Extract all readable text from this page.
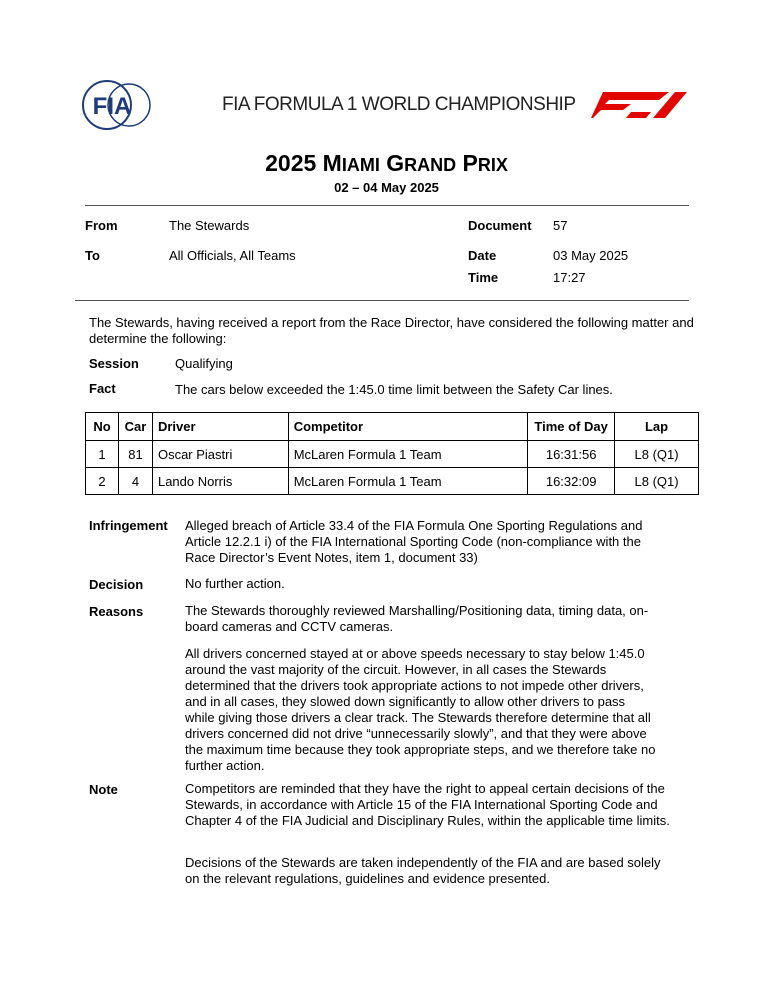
FIA	FIA FORMULA 1 WORLD CHAMPIONSHIP
2025 MIAMI GRAND PRIX
02 – 04 May 2025
From	The Stewards	Document 57
To	All Officials, All Teams	Date	03 May 2025
Time	17:27
The Stewards, having received a report from the Race Director, have considered the following matter and determine the following:
Session	Qualifying
Fact	The cars below exceeded the 1:45.0 time limit between the Safety Car lines.
No	Car	Driver	Competitor	Time of Day	Lap
1	81	Oscar Piastri	McLaren Formula 1 Team	16:31:56	L8 (Q1)
2	4	Lando Norris	McLaren Formula 1 Team	16:32:09	L8 (Q1)
Infringement Alleged breach of Article 33.4 of the FIA Formula One Sporting Regulations and
Article 12.2.1 i) of the FIA International Sporting Code (non-compliance with the
Race Director’s Event Notes, item 1, document 33)
Decision	No further action.
Reasons	The Stewards thoroughly reviewed Marshalling/Positioning data, timing data, on-
board cameras and CCTV cameras.
All drivers concerned stayed at or above speeds necessary to stay below 1:45.0
around the vast majority of the circuit. However, in all cases the Stewards
determined that the drivers took appropriate actions to not impede other drivers,
and in all cases, they slowed down significantly to allow other drivers to pass
while giving those drivers a clear track. The Stewards therefore determine that all
drivers concerned did not drive “unnecessarily slowly”, and that they were above
the maximum time because they took appropriate steps, and we therefore take no
further action.
Note	Competitors are reminded that they have the right to appeal certain decisions of the
Stewards, in accordance with Article 15 of the FIA International Sporting Code and
Chapter 4 of the FIA Judicial and Disciplinary Rules, within the applicable time limits.
Decisions of the Stewards are taken independently of the FIA and are based solely
on the relevant regulations, guidelines and evidence presented.
